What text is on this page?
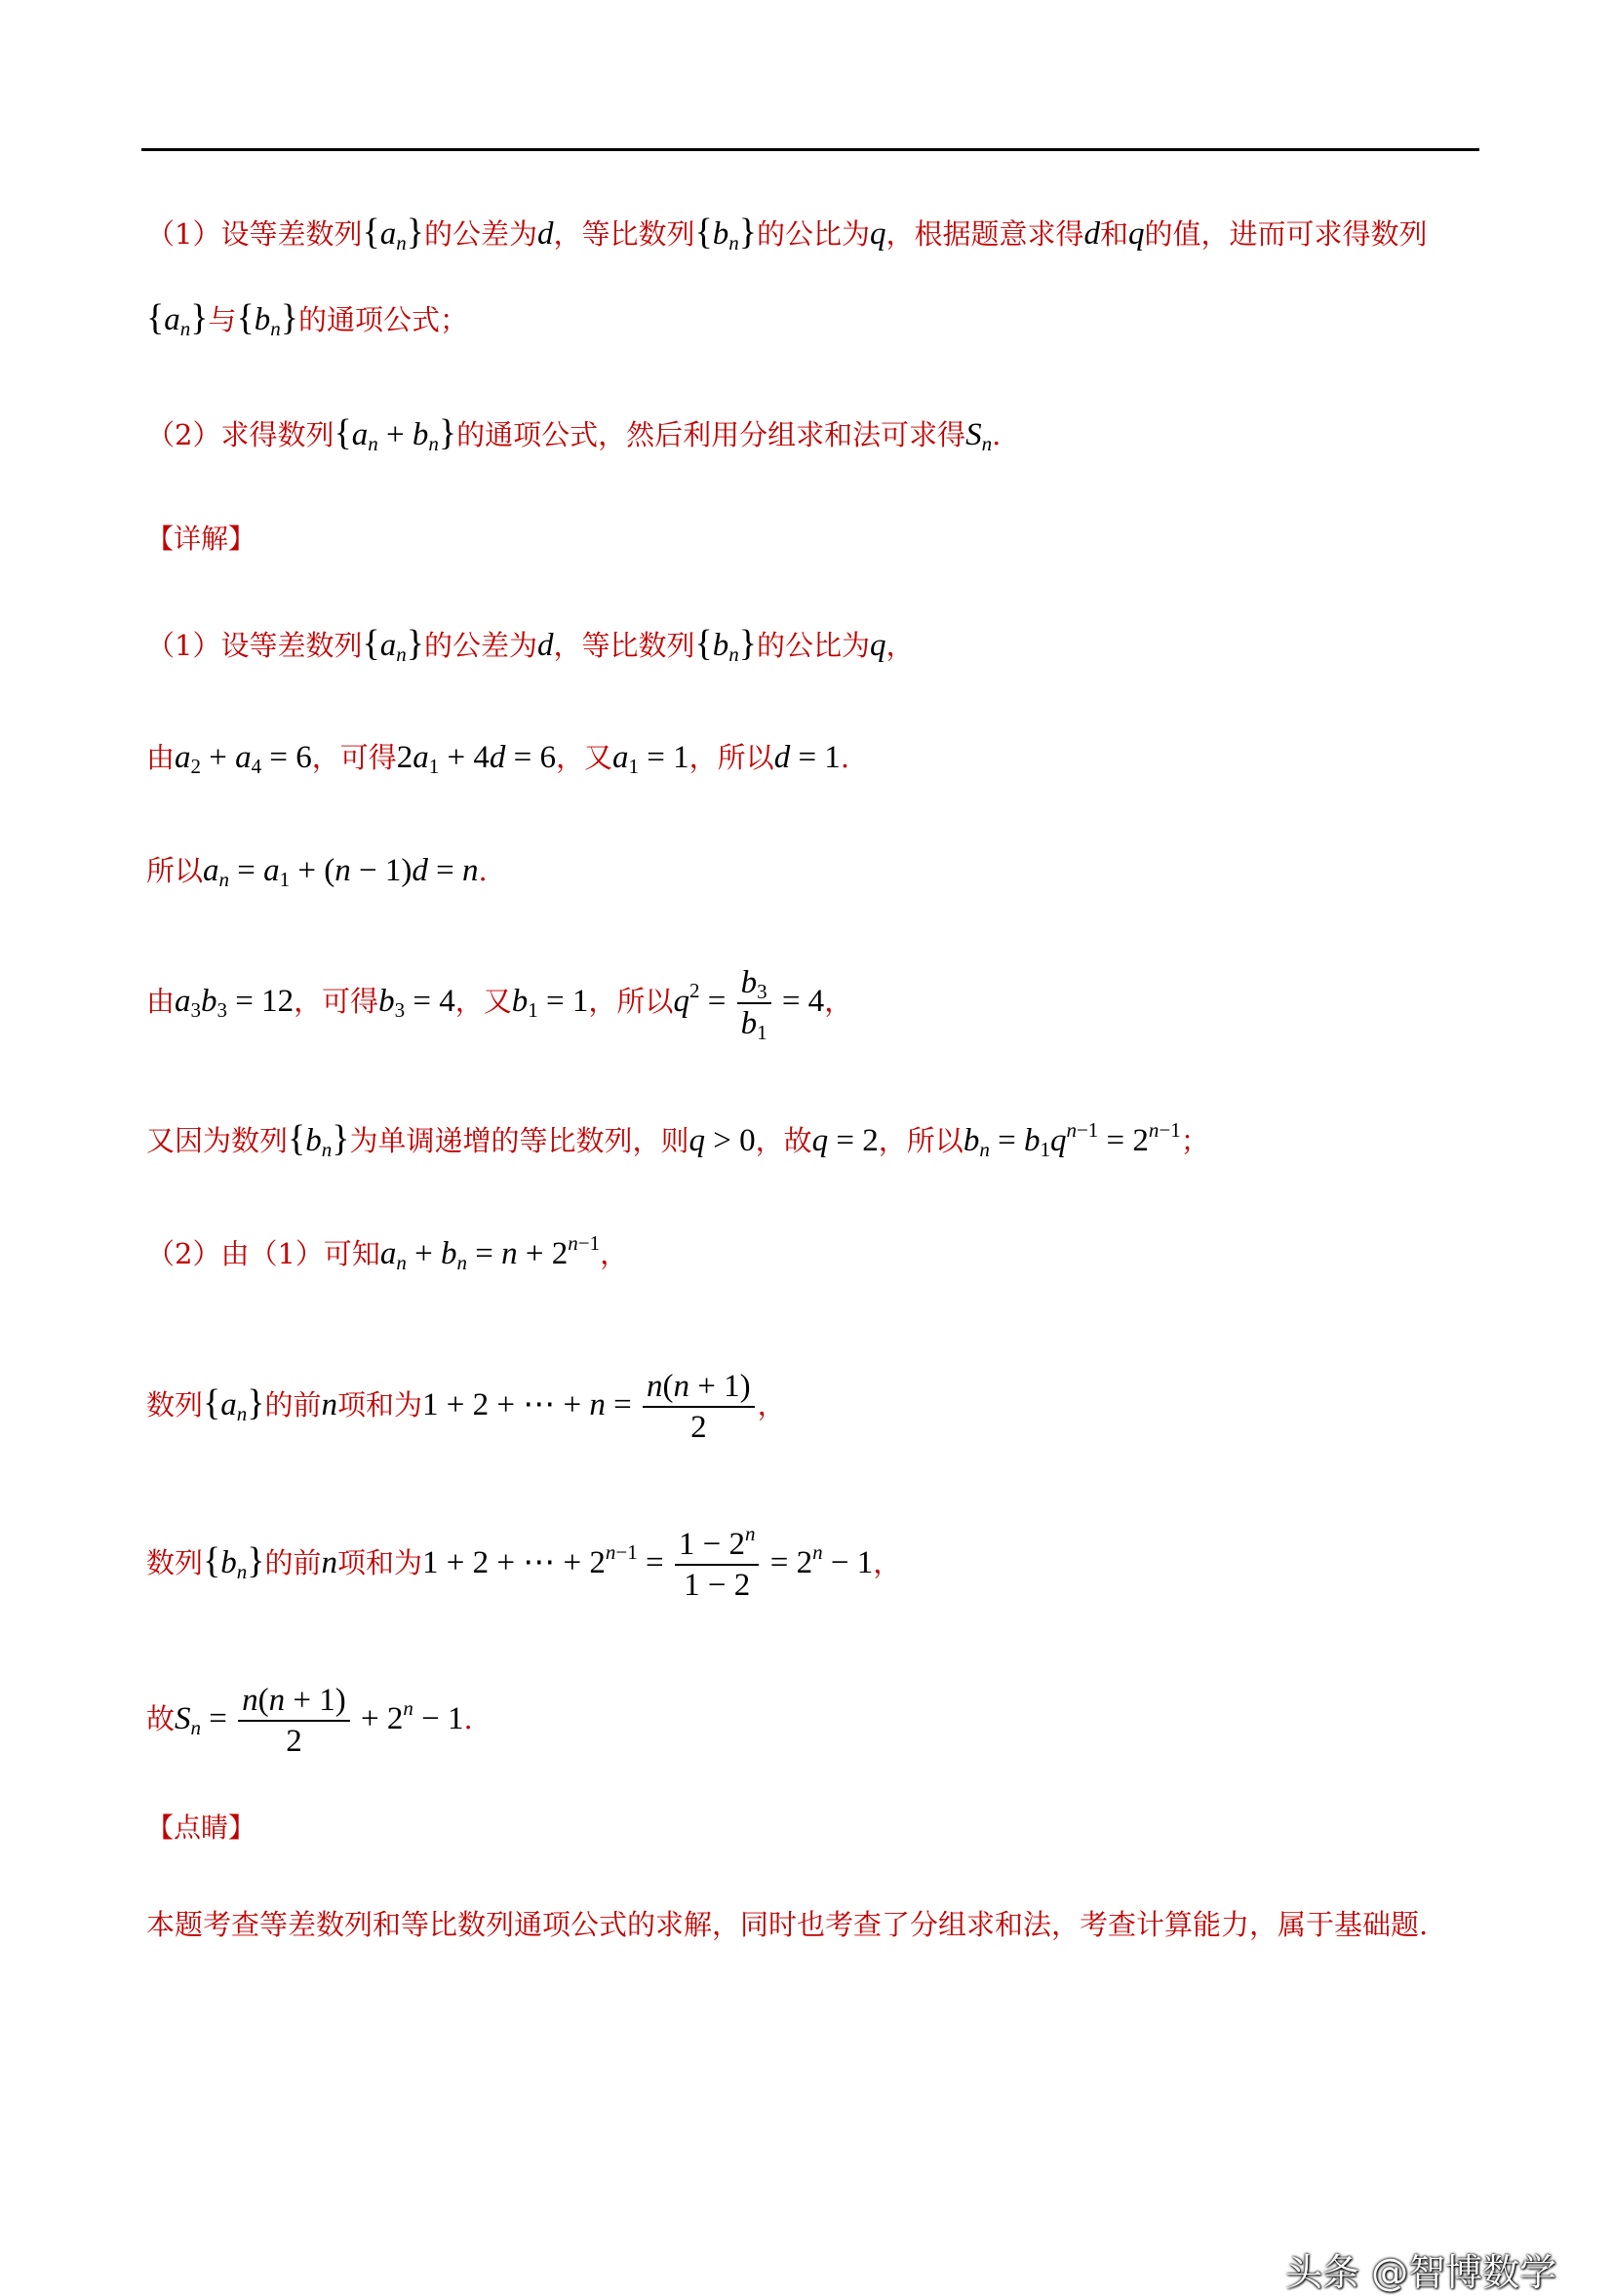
（1）设等差数列$\{a_n\}$的公差为d，等比数列$\{b_n\}$的公比为q，根据题意求得d和q的值，进而可求得数列
$\{a_n\}$与$\{b_n\}$的通项公式；
（2）求得数列$\{a_n + b_n\}$的通项公式，然后利用分组求和法可求得$S_n$.
【详解】
（1）设等差数列$\{a_n\}$的公差为d，等比数列$\{b_n\}$的公比为q，
由$a_2 + a_4 = 6$，可得$2a_1 + 4d = 6$，又$a_1 = 1$，所以d = 1.
所以$a_n = a_1 + (n - 1)d = n$.
由$a_3b_3 = 12$，可得$b_3 = 4$，又$b_1 = 1$，所以$q^2 = \frac{b_3}{b_1} = 4$，
又因为数列$\{b_n\}$为单调递增的等比数列，则q > 0，故q = 2，所以$b_n = b_1q^{n-1} = 2^{n-1}$；
（2）由（1）可知$a_n + b_n = n + 2^{n-1}$，
数列$\{a_n\}$的前n项和为1 + 2 + ⋯ + $n = \frac{n(n + 1)}{2}$ ，
数列$\{b_n\}$的前n项和为1 + 2 + ⋯ + $2^{n-1} = \frac{1 - 2^n}{1 - 2} = 2^n - 1$，
故$S_n = \frac{n(n + 1)}{2} + 2^n - 1$.
【点睛】
本题考查等差数列和等比数列通项公式的求解，同时也考查了分组求和法，考查计算能力，属于基础题.
头条 @智博数学
